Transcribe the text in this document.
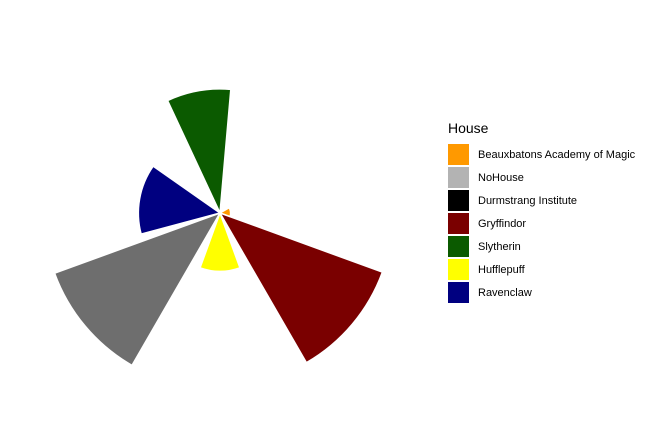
House
Beauxbatons Academy of Magic
NoHouse
Durmstrang Institute
Gryffindor
Slytherin
Hufflepuff
Ravenclaw
